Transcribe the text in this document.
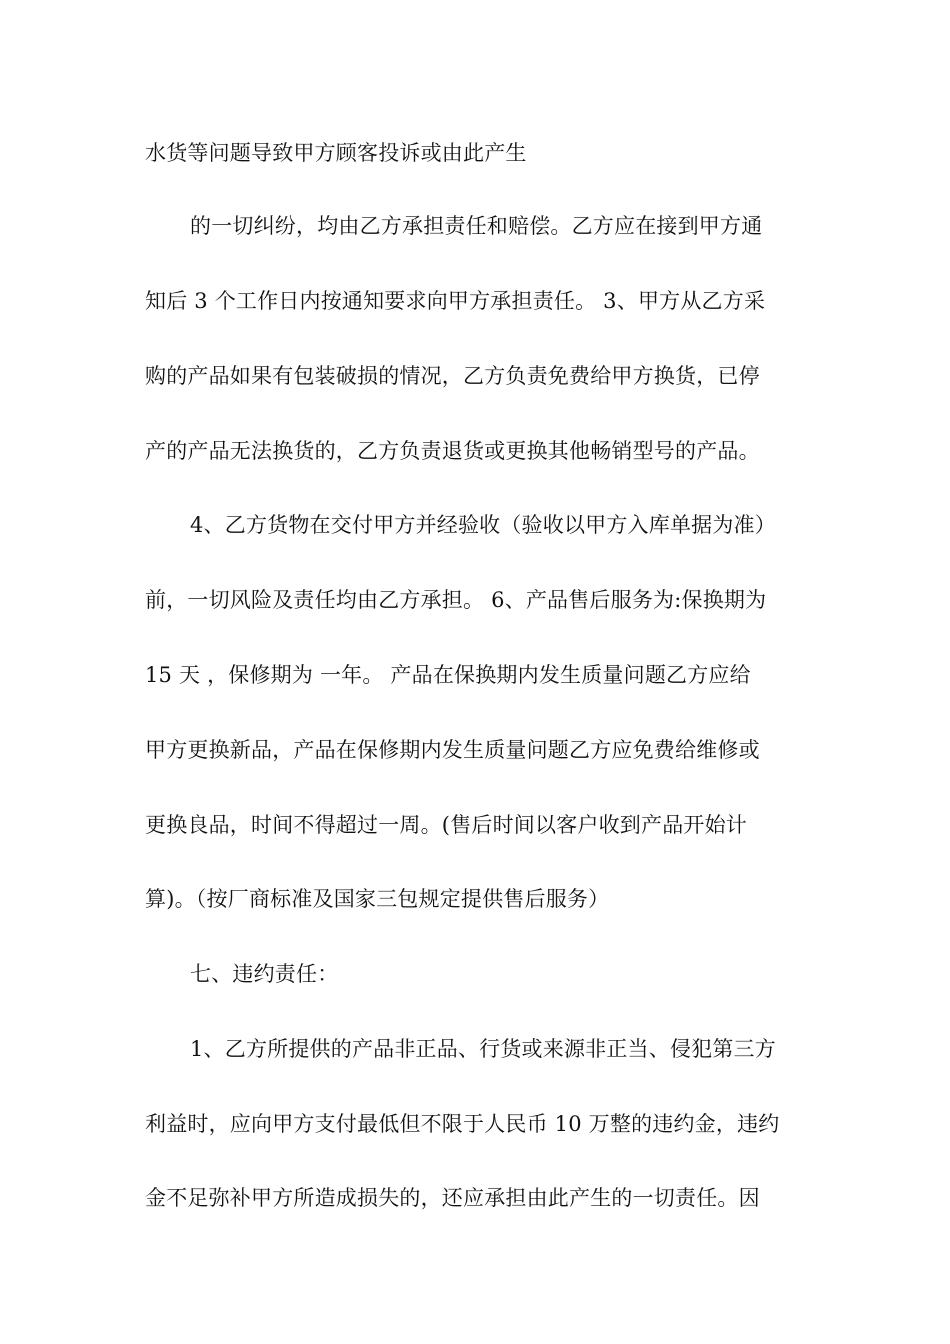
水货等问题导致甲方顾客投诉或由此产生
的一切纠纷，均由乙方承担责任和赔偿。乙方应在接到甲方通
知后 3 个工作日内按通知要求向甲方承担责任。 3、甲方从乙方采
购的产品如果有包装破损的情况，乙方负责免费给甲方换货，已停
产的产品无法换货的，乙方负责退货或更换其他畅销型号的产品。
4、乙方货物在交付甲方并经验收（验收以甲方入库单据为准）
前，一切风险及责任均由乙方承担。 6、产品售后服务为:保换期为
15 天 ，保修期为 一年。 产品在保换期内发生质量问题乙方应给
甲方更换新品，产品在保修期内发生质量问题乙方应免费给维修或
更换良品，时间不得超过一周。(售后时间以客户收到产品开始计
算)。（按厂商标准及国家三包规定提供售后服务）
七、违约责任：
1、乙方所提供的产品非正品、行货或来源非正当、侵犯第三方
利益时，应向甲方支付最低但不限于人民币 10 万整的违约金，违约
金不足弥补甲方所造成损失的，还应承担由此产生的一切责任。因
